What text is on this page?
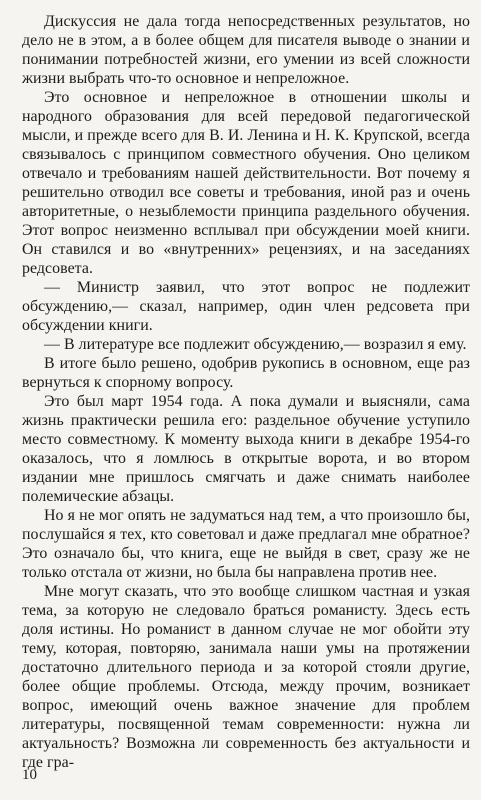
Дискуссия не дала тогда непосредственных результатов, но дело не в этом, а в более общем для писателя выводе о знании и понимании потребностей жизни, его умении из всей сложности жизни выбрать что-то основное и непреложное.

Это основное и непреложное в отношении школы и народного образования для всей передовой педагогической мысли, и прежде всего для В. И. Ленина и Н. К. Крупской, всегда связывалось с принципом совместного обучения. Оно целиком отвечало и требованиям нашей действительности. Вот почему я решительно отводил все советы и требования, иной раз и очень авторитетные, о незыблемости принципа раздельного обучения. Этот вопрос неизменно всплывал при обсуждении моей книги. Он ставился и во «внутренних» рецензиях, и на заседаниях редсовета.

— Министр заявил, что этот вопрос не подлежит обсуждению,— сказал, например, один член редсовета при обсуждении книги.

— В литературе все подлежит обсуждению,— возразил я ему.

В итоге было решено, одобрив рукопись в основном, еще раз вернуться к спорному вопросу.

Это был март 1954 года. А пока думали и выясняли, сама жизнь практически решила его: раздельное обучение уступило место совместному. К моменту выхода книги в декабре 1954-го оказалось, что я ломлюсь в открытые ворота, и во втором издании мне пришлось смягчать и даже снимать наиболее полемические абзацы.

Но я не мог опять не задуматься над тем, а что произошло бы, послушайся я тех, кто советовал и даже предлагал мне обратное? Это означало бы, что книга, еще не выйдя в свет, сразу же не только отстала от жизни, но была бы направлена против нее.

Мне могут сказать, что это вообще слишком частная и узкая тема, за которую не следовало браться романисту. Здесь есть доля истины. Но романист в данном случае не мог обойти эту тему, которая, повторяю, занимала наши умы на протяжении достаточно длительного периода и за которой стояли другие, более общие проблемы. Отсюда, между прочим, возникает вопрос, имеющий очень важное значение для проблем литературы, посвященной темам современности: нужна ли актуальность? Возможна ли современность без актуальности и где гра-

10
